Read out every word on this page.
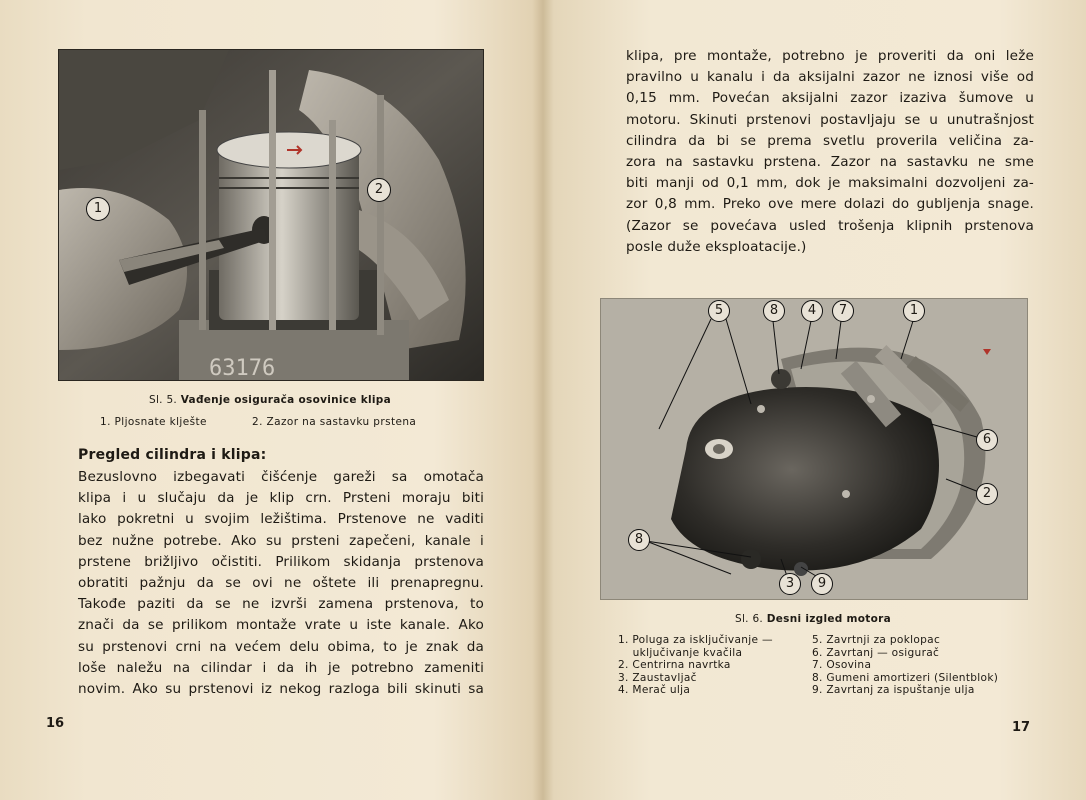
63176
1
2
Sl. 5. Vađenje osigurača osovinice klipa
1. Pljosnate klješte	2. Zazor na sastavku prstena
Pregled cilindra i klipa:
Bezuslovno izbegavati čišćenje gareži sa omotača
klipa i u slučaju da je klip crn. Prsteni moraju biti
lako pokretni u svojim ležištima. Prstenove ne vaditi
bez nužne potrebe. Ako su prsteni zapečeni, kanale i
prstene brižljivo očistiti. Prilikom skidanja prstenova
obratiti pažnju da se ovi ne oštete ili prenapregnu.
Takođe paziti da se ne izvrši zamena prstenova, to
znači da se prilikom montaže vrate u iste kanale. Ako
su prstenovi crni na većem delu obima, to je znak da
loše naležu na cilindar i da ih je potrebno zameniti
novim. Ako su prstenovi iz nekog razloga bili skinuti sa
16
klipa, pre montaže, potrebno je proveriti da oni leže
pravilno u kanalu i da aksijalni zazor ne iznosi više od
0,15 mm. Povećan aksijalni zazor izaziva šumove u
motoru. Skinuti prstenovi postavljaju se u unutrašnjost
cilindra da bi se prema svetlu proverila veličina za-
zora na sastavku prstena. Zazor na sastavku ne sme
biti manji od 0,1 mm, dok je maksimalni dozvoljeni za-
zor 0,8 mm. Preko ove mere dolazi do gubljenja snage.
(Zazor se povećava usled trošenja klipnih prstenova
posle duže eksploatacije.)
5	8	4	7	1
6
2
8
3	9
Sl. 6. Desni izgled motora
1. Poluga za isključivanje —
uključivanje kvačila
2. Centrirna navrtka
3. Zaustavljač
4. Merač ulja
5. Zavrtnji za poklopac
6. Zavrtanj — osigurač
7. Osovina
8. Gumeni amortizeri (Silentblok)
9. Zavrtanj za ispuštanje ulja
17
